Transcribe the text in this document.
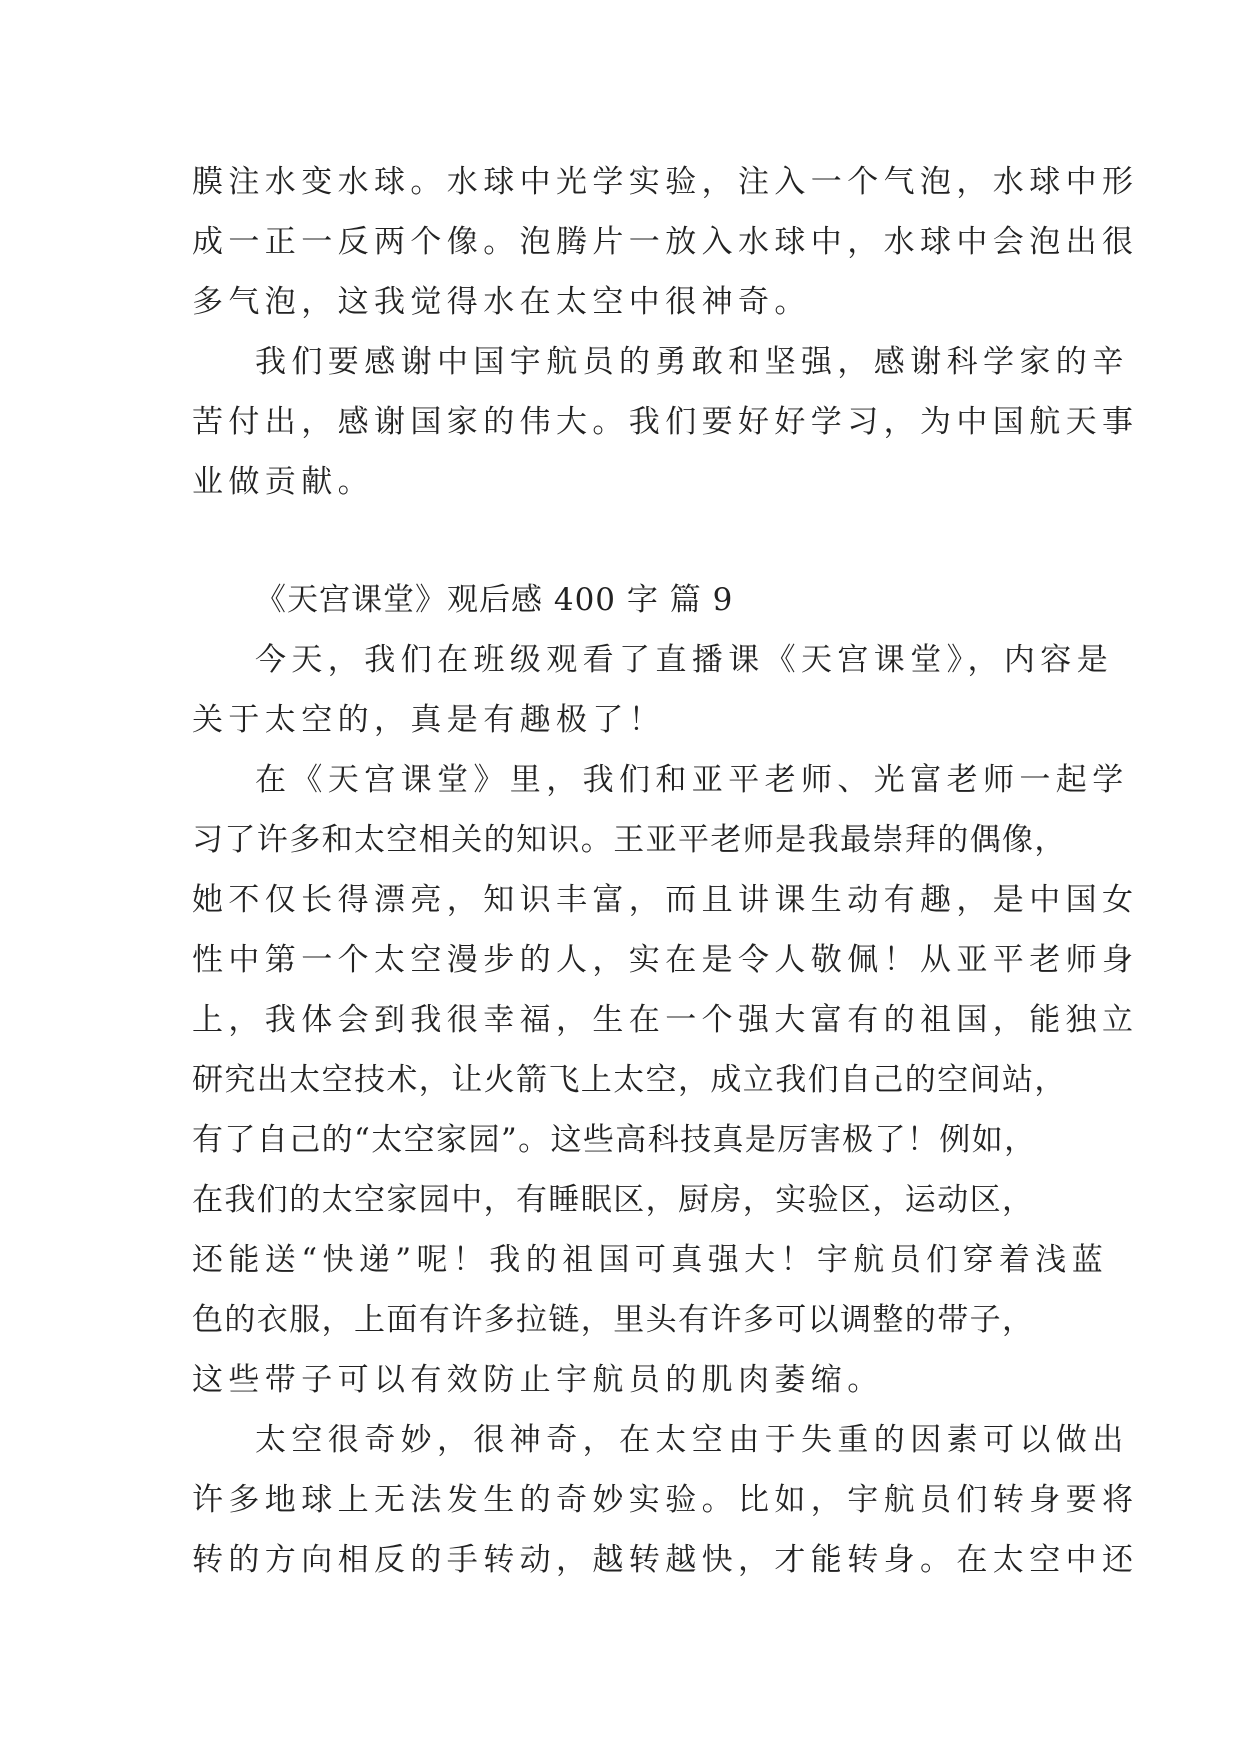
膜注水变水球。水球中光学实验，注入一个气泡，水球中形
成一正一反两个像。泡腾片一放入水球中，水球中会泡出很
多气泡，这我觉得水在太空中很神奇。
我们要感谢中国宇航员的勇敢和坚强，感谢科学家的辛
苦付出，感谢国家的伟大。我们要好好学习，为中国航天事
业做贡献。
《天宫课堂》观后感 400 字 篇 9
今天，我们在班级观看了直播课《天宫课堂》，内容是
关于太空的，真是有趣极了！
在《天宫课堂》里，我们和亚平老师、光富老师一起学
习了许多和太空相关的知识。王亚平老师是我最崇拜的偶像，
她不仅长得漂亮，知识丰富，而且讲课生动有趣，是中国女
性中第一个太空漫步的人，实在是令人敬佩！从亚平老师身
上，我体会到我很幸福，生在一个强大富有的祖国，能独立
研究出太空技术，让火箭飞上太空，成立我们自己的空间站，
有了自己的“太空家园”。这些高科技真是厉害极了！例如，
在我们的太空家园中，有睡眠区，厨房，实验区，运动区，
还能送“快递”呢！我的祖国可真强大！宇航员们穿着浅蓝
色的衣服，上面有许多拉链，里头有许多可以调整的带子，
这些带子可以有效防止宇航员的肌肉萎缩。
太空很奇妙，很神奇，在太空由于失重的因素可以做出
许多地球上无法发生的奇妙实验。比如，宇航员们转身要将
转的方向相反的手转动，越转越快，才能转身。在太空中还
